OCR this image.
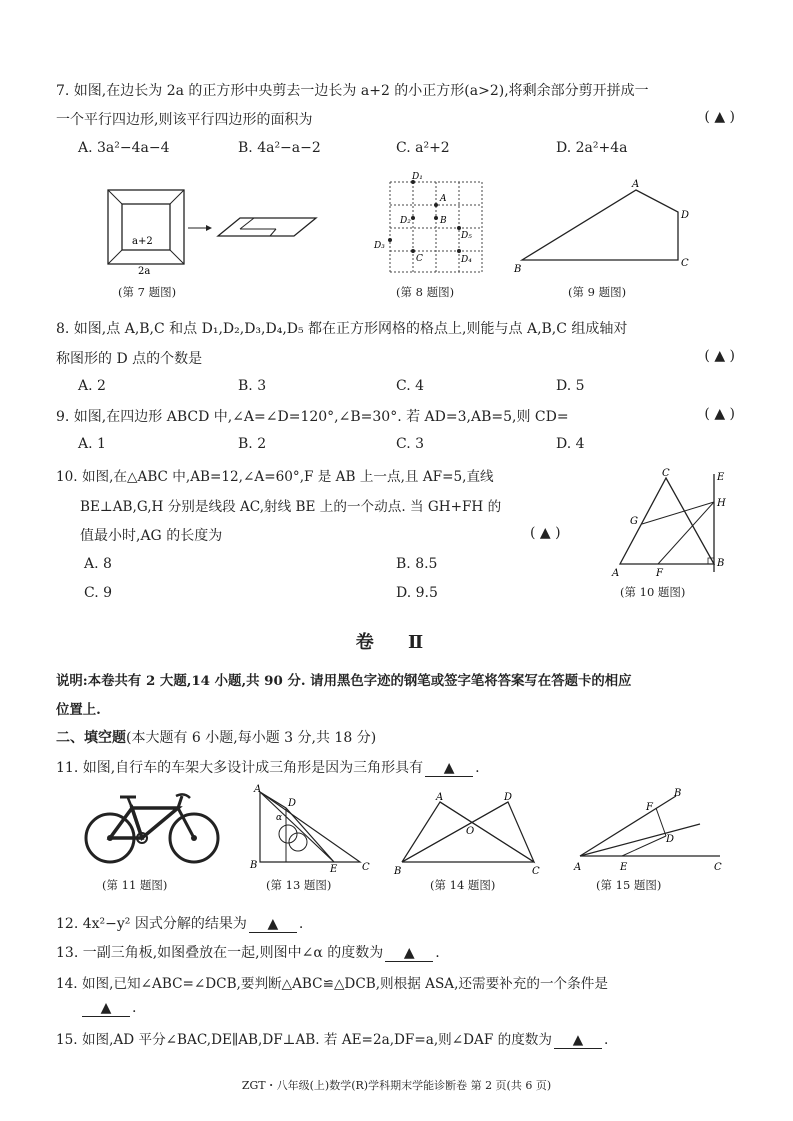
7. 如图,在边长为 2a 的正方形中央剪去一边长为 a+2 的小正方形(a>2),将剩余部分剪开拼成一
一个平行四边形,则该平行四边形的面积为	( ▲ )
A. 3a²−4a−4	B. 4a²−a−2	C. a²+2	D. 2a²+4a
a+2
2a
(第 7 题图)
D₁
A
D₂	B
D₅
D₃
C	D₄
(第 8 题图)
A
D
B
C
(第 9 题图)
8. 如图,点 A,B,C 和点 D₁,D₂,D₃,D₄,D₅ 都在正方形网格的格点上,则能与点 A,B,C 组成轴对
称图形的 D 点的个数是	( ▲ )
A. 2	B. 3	C. 4	D. 5
9. 如图,在四边形 ABCD 中,∠A=∠D=120°,∠B=30°. 若 AD=3,AB=5,则 CD=	( ▲ )
A. 1	B. 2	C. 3	D. 4
10. 如图,在△ABC 中,AB=12,∠A=60°,F 是 AB 上一点,且 AF=5,直线
BE⊥AB,G,H 分别是线段 AC,射线 BE 上的一个动点. 当 GH+FH 的
值最小时,AG 的长度为	( ▲ )
A. 8	B. 8.5
C. 9	D. 9.5
C	E
H
G
A	F
B
(第 10 题图)
卷 Ⅱ
说明:本卷共有 2 大题,14 小题,共 90 分. 请用黑色字迹的钢笔或签字笔将答案写在答题卡的相应
位置上.
二、填空题(本大题有 6 小题,每小题 3 分,共 18 分)
11. 如图,自行车的车架大多设计成三角形是因为三角形具有 ▲ .
(第 11 题图)
A
D
α
B	E C
(第 13 题图)
A	D
O
B	C
(第 14 题图)
B
F
D
A	E	C
(第 15 题图)
12. 4x²−y² 因式分解的结果为 ▲ .
13. 一副三角板,如图叠放在一起,则图中∠α 的度数为 ▲ .
14. 如图,已知∠ABC=∠DCB,要判断△ABC≌△DCB,则根据 ASA,还需要补充的一个条件是
▲ .
15. 如图,AD 平分∠BAC,DE∥AB,DF⊥AB. 若 AE=2a,DF=a,则∠DAF 的度数为 ▲ .
ZGT・八年级(上)数学(R)学科期末学能诊断卷 第 2 页(共 6 页)
